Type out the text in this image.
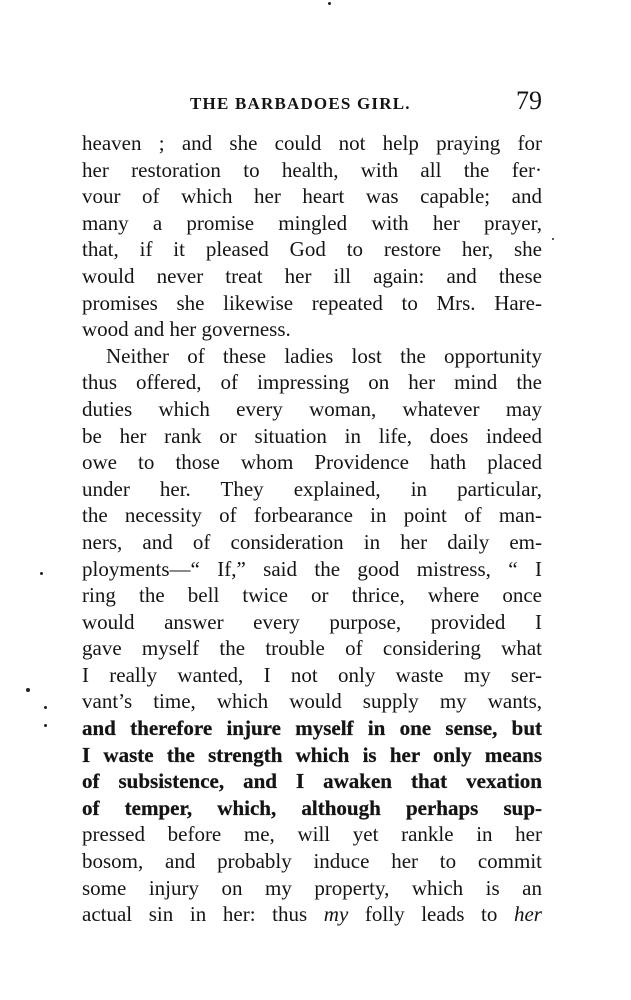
THE BARBADOES GIRL.	79
heaven ; and she could not help praying for
her restoration to health, with all the fer·
vour of which her heart was capable; and
many a promise mingled with her prayer,
that, if it pleased God to restore her, she
would never treat her ill again: and these
promises she likewise repeated to Mrs. Hare-
wood and her governess.
Neither of these ladies lost the opportunity
thus offered, of impressing on her mind the
duties which every woman, whatever may
be her rank or situation in life, does indeed
owe to those whom Providence hath placed
under her. They explained, in particular,
the necessity of forbearance in point of man-
ners, and of consideration in her daily em-
ployments—“ If,” said the good mistress, “ I
ring the bell twice or thrice, where once
would answer every purpose, provided I
gave myself the trouble of considering what
I really wanted, I not only waste my ser-
vant’s time, which would supply my wants,
and therefore injure myself in one sense, but
I waste the strength which is her only means
of subsistence, and I awaken that vexation
of temper, which, although perhaps sup-
pressed before me, will yet rankle in her
bosom, and probably induce her to commit
some injury on my property, which is an
actual sin in her: thus my folly leads to her
